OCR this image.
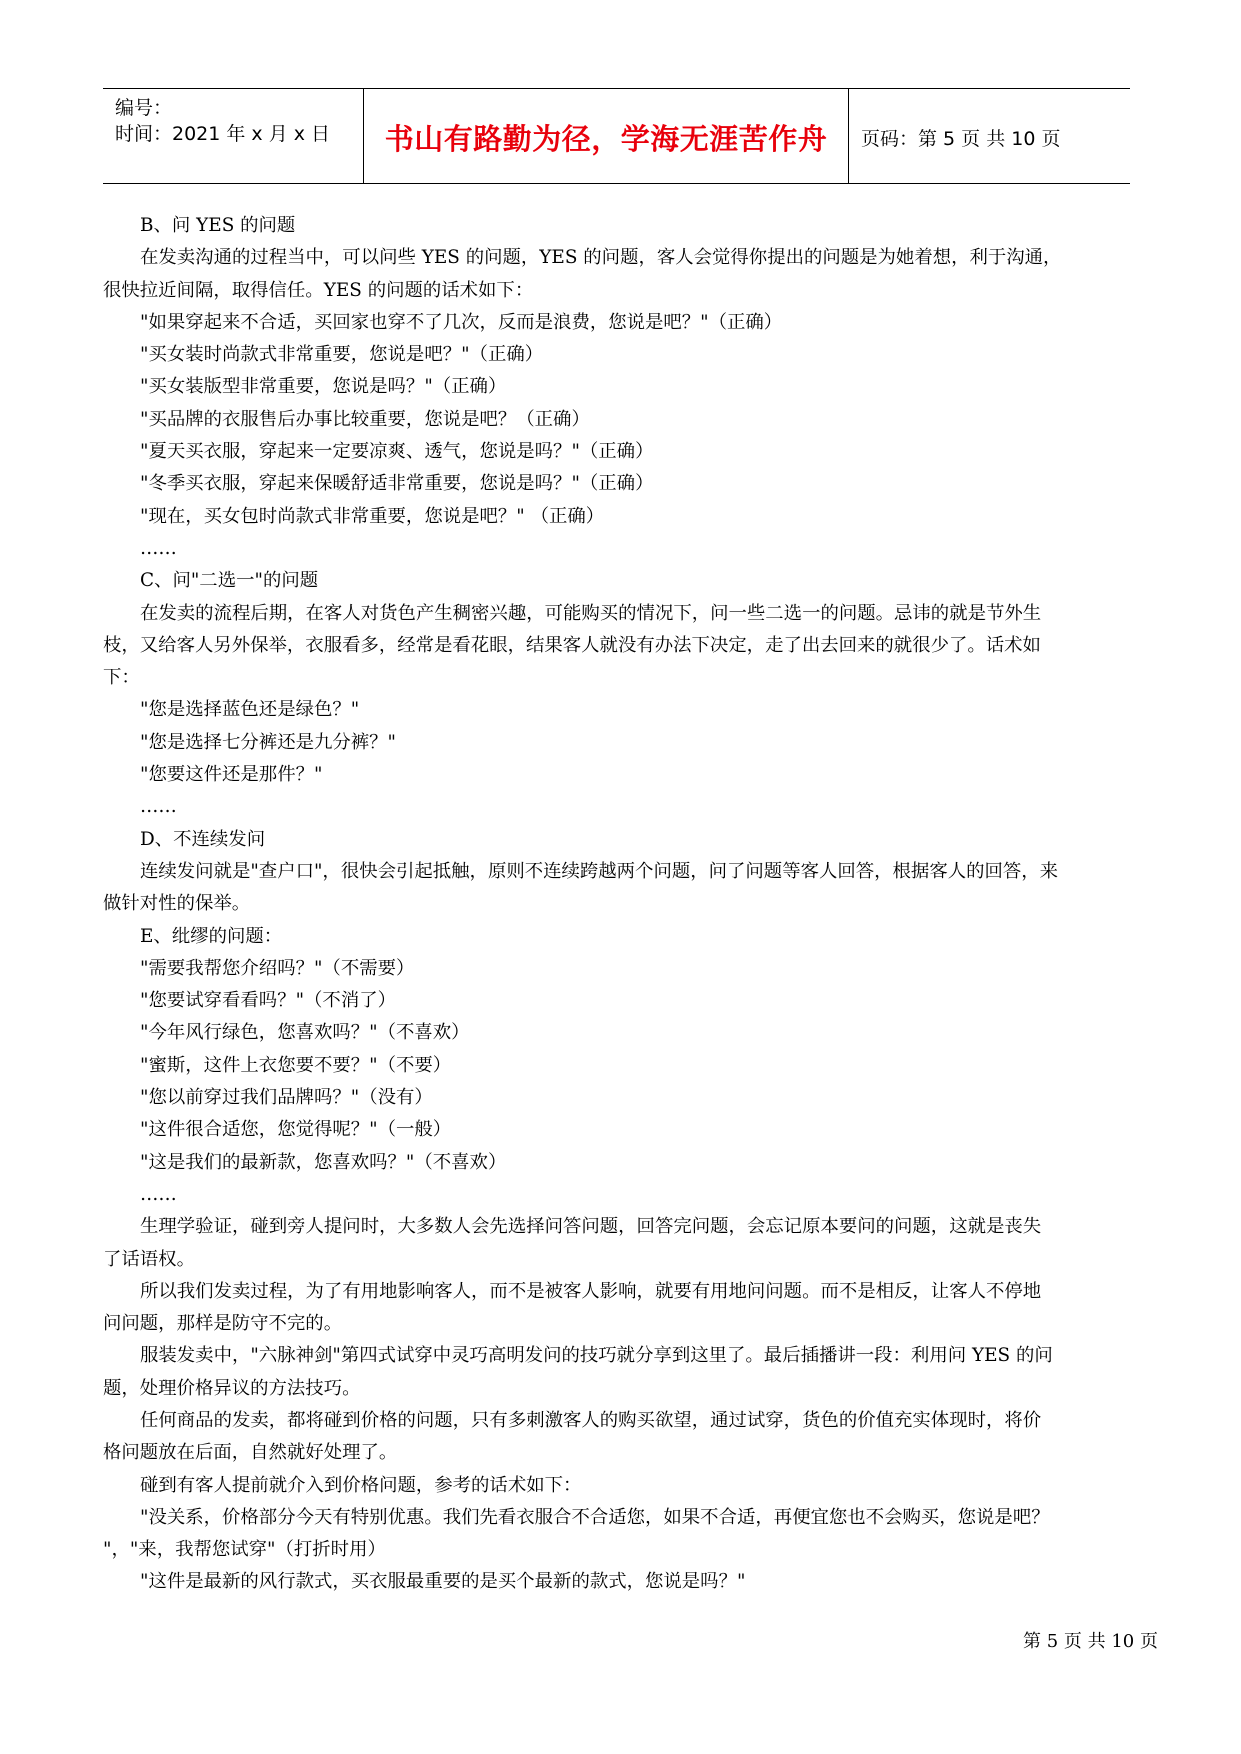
编号：
时间：2021 年 x 月 x 日	书山有路勤为径，学海无涯苦作舟	页码：第 5 页 共 10 页
B、问 YES 的问题
在发卖沟通的过程当中，可以问些 YES 的问题，YES 的问题，客人会觉得你提出的问题是为她着想，利于沟通，
很快拉近间隔，取得信任。YES 的问题的话术如下：
"如果穿起来不合适，买回家也穿不了几次，反而是浪费，您说是吧？"（正确）
"买女装时尚款式非常重要，您说是吧？"（正确）
"买女装版型非常重要，您说是吗？"（正确）
"买品牌的衣服售后办事比较重要，您说是吧？（正确）
"夏天买衣服，穿起来一定要凉爽、透气，您说是吗？"（正确）
"冬季买衣服，穿起来保暖舒适非常重要，您说是吗？"（正确）
"现在，买女包时尚款式非常重要，您说是吧？" （正确）
……
C、问"二选一"的问题
在发卖的流程后期，在客人对货色产生稠密兴趣，可能购买的情况下，问一些二选一的问题。忌讳的就是节外生
枝，又给客人另外保举，衣服看多，经常是看花眼，结果客人就没有办法下决定，走了出去回来的就很少了。话术如
下：
"您是选择蓝色还是绿色？"
"您是选择七分裤还是九分裤？"
"您要这件还是那件？"
……
D、不连续发问
连续发问就是"查户口"，很快会引起抵触，原则不连续跨越两个问题，问了问题等客人回答，根据客人的回答，来
做针对性的保举。
E、纰缪的问题：
"需要我帮您介绍吗？"（不需要）
"您要试穿看看吗？"（不消了）
"今年风行绿色，您喜欢吗？"（不喜欢）
"蜜斯，这件上衣您要不要？"（不要）
"您以前穿过我们品牌吗？"（没有）
"这件很合适您，您觉得呢？"（一般）
"这是我们的最新款，您喜欢吗？"（不喜欢）
……
生理学验证，碰到旁人提问时，大多数人会先选择问答问题，回答完问题，会忘记原本要问的问题，这就是丧失
了话语权。
所以我们发卖过程，为了有用地影响客人，而不是被客人影响，就要有用地问问题。而不是相反，让客人不停地
问问题，那样是防守不完的。
服装发卖中，"六脉神剑"第四式试穿中灵巧高明发问的技巧就分享到这里了。最后插播讲一段：利用问 YES 的问
题，处理价格异议的方法技巧。
任何商品的发卖，都将碰到价格的问题，只有多刺激客人的购买欲望，通过试穿，货色的价值充实体现时，将价
格问题放在后面，自然就好处理了。
碰到有客人提前就介入到价格问题，参考的话术如下：
"没关系，价格部分今天有特别优惠。我们先看衣服合不合适您，如果不合适，再便宜您也不会购买，您说是吧？
"，"来，我帮您试穿"（打折时用）
"这件是最新的风行款式，买衣服最重要的是买个最新的款式，您说是吗？"
第 5 页 共 10 页
